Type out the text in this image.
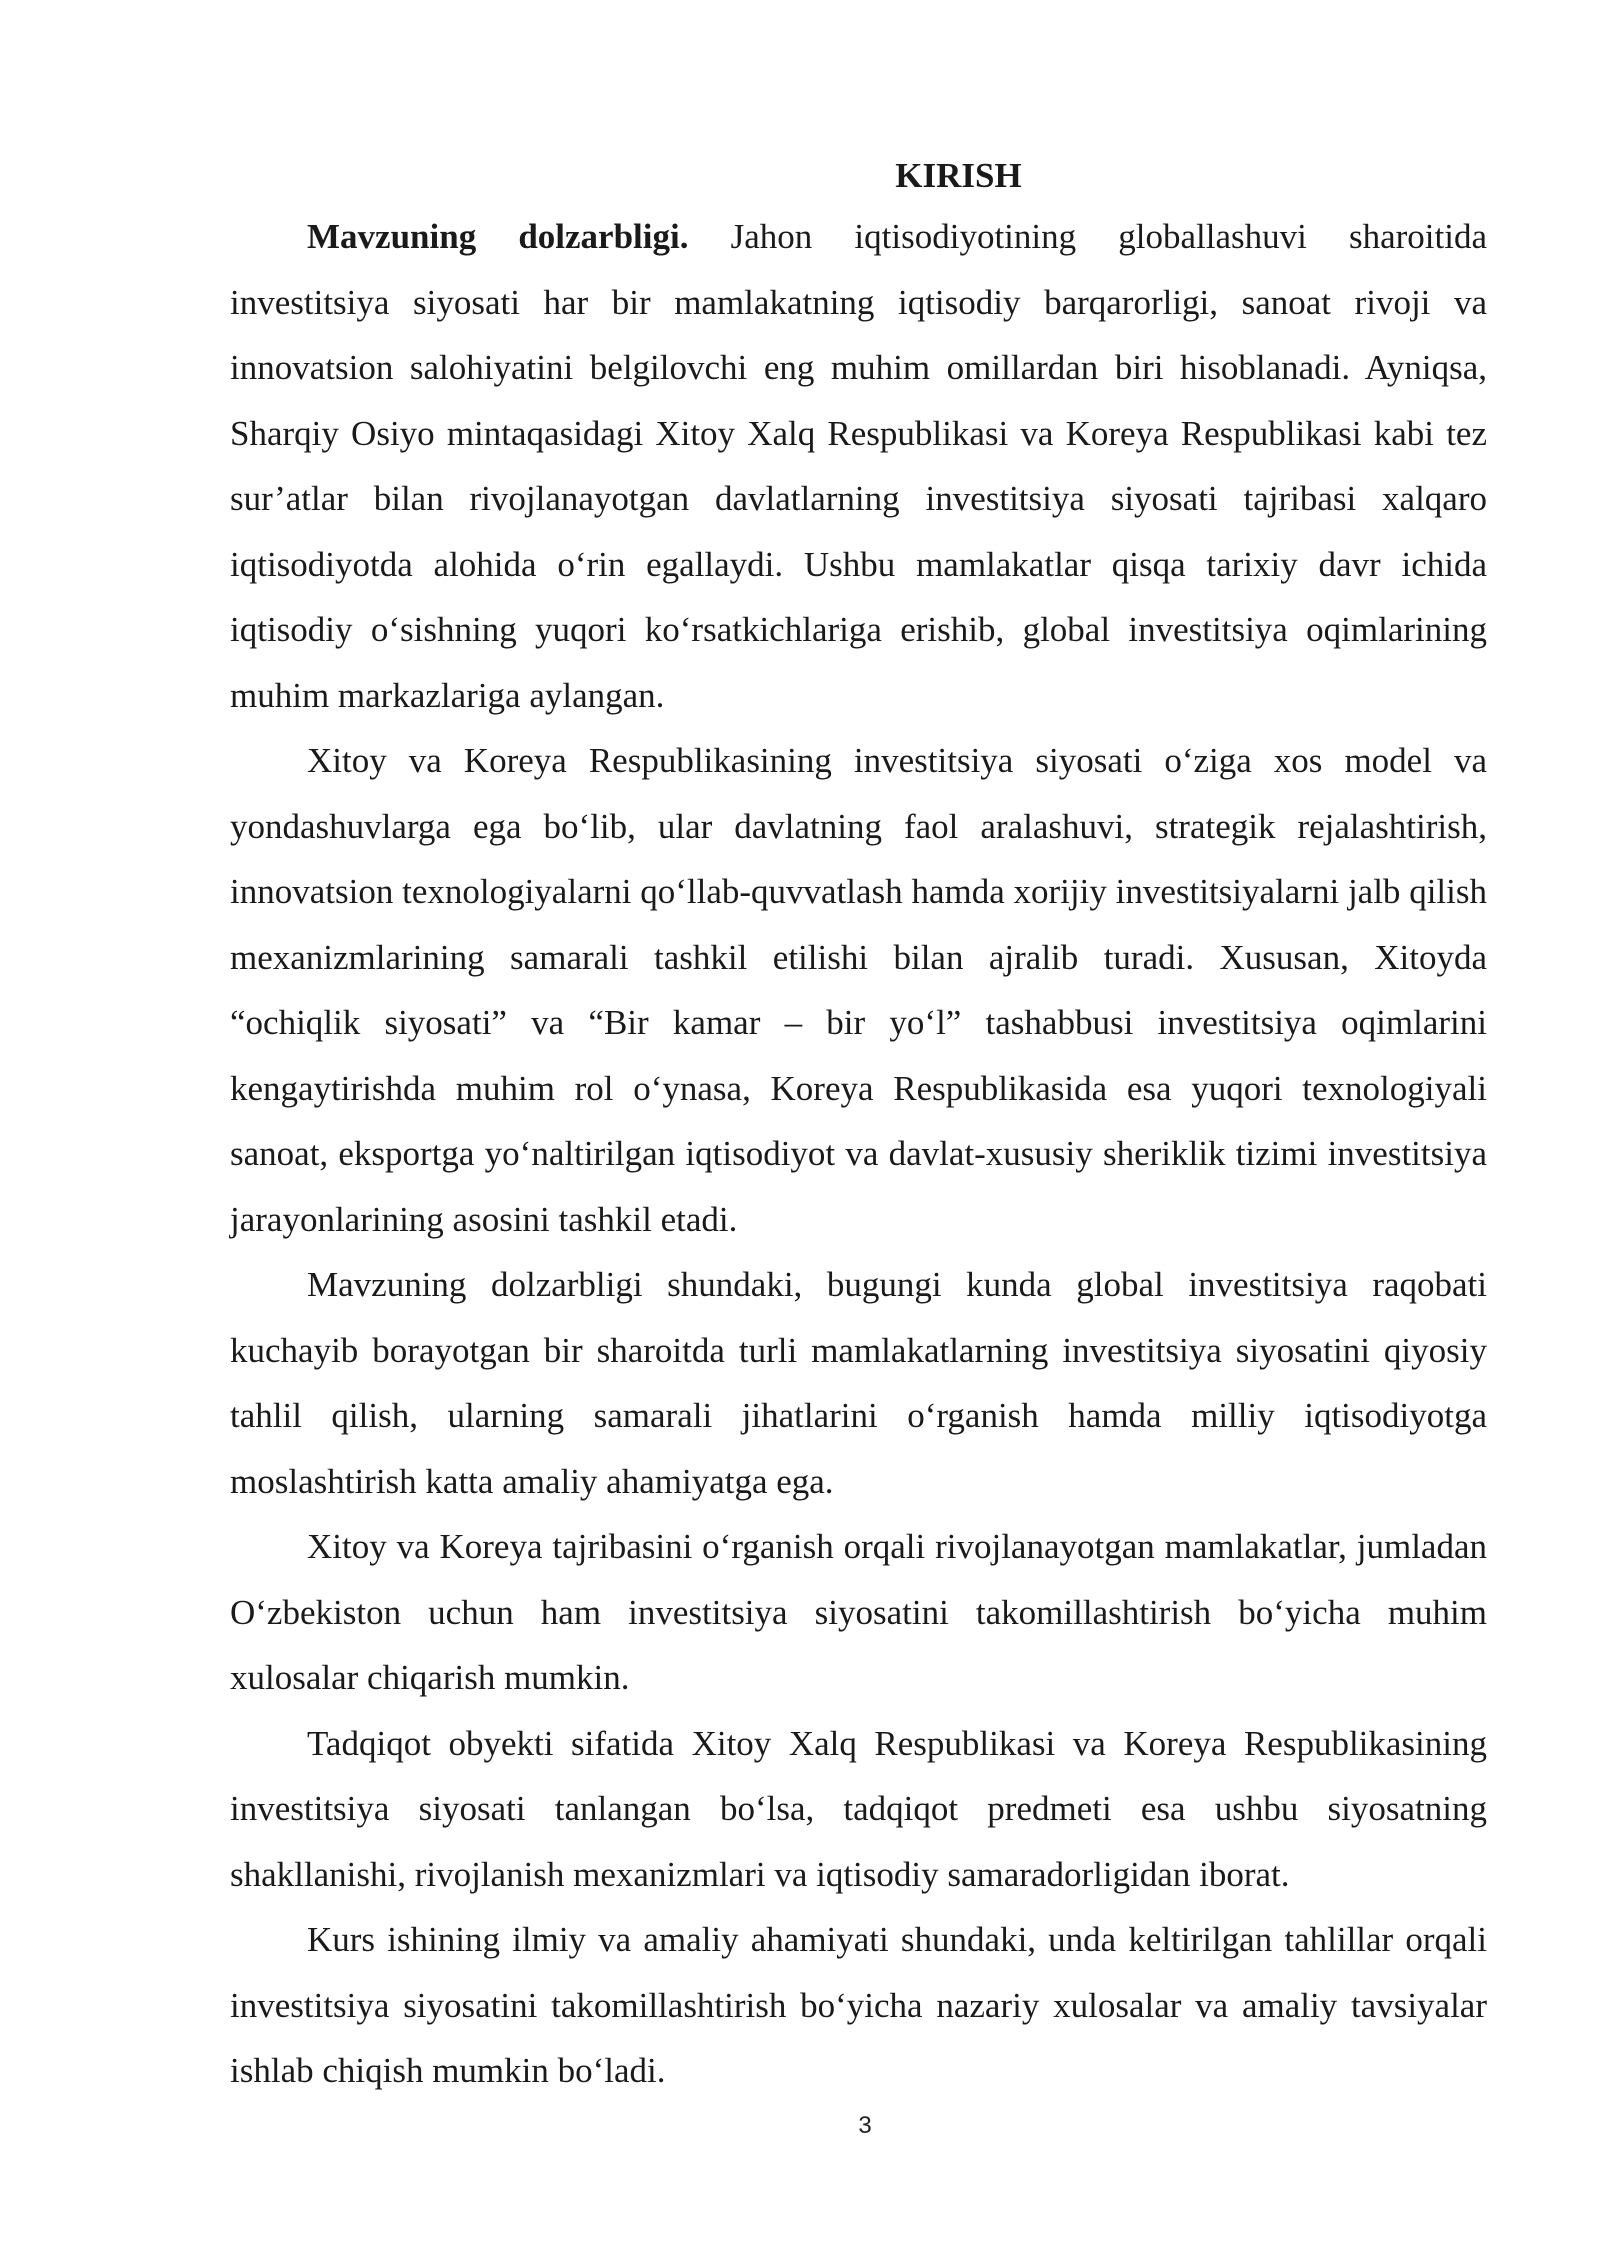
KIRISH

Mavzuning dolzarbligi. Jahon iqtisodiyotining globallashuvi sharoitida investitsiya siyosati har bir mamlakatning iqtisodiy barqarorligi, sanoat rivoji va innovatsion salohiyatini belgilovchi eng muhim omillardan biri hisoblanadi. Ayniqsa, Sharqiy Osiyo mintaqasidagi Xitoy Xalq Respublikasi va Koreya Respublikasi kabi tez sur’atlar bilan rivojlanayotgan davlatlarning investitsiya siyosati tajribasi xalqaro iqtisodiyotda alohida o‘rin egallaydi. Ushbu mamlakatlar qisqa tarixiy davr ichida iqtisodiy o‘sishning yuqori ko‘rsatkichlariga erishib, global investitsiya oqimlarining muhim markazlariga aylangan.

Xitoy va Koreya Respublikasining investitsiya siyosati o‘ziga xos model va yondashuvlarga ega bo‘lib, ular davlatning faol aralashuvi, strategik rejalashtirish, innovatsion texnologiyalarni qo‘llab-quvvatlash hamda xorijiy investitsiyalarni jalb qilish mexanizmlarining samarali tashkil etilishi bilan ajralib turadi. Xususan, Xitoyda “ochiqlik siyosati” va “Bir kamar – bir yo‘l” tashabbusi investitsiya oqimlarini kengaytirishda muhim rol o‘ynasa, Koreya Respublikasida esa yuqori texnologiyali sanoat, eksportga yo‘naltirilgan iqtisodiyot va davlat-xususiy sheriklik tizimi investitsiya jarayonlarining asosini tashkil etadi.

Mavzuning dolzarbligi shundaki, bugungi kunda global investitsiya raqobati kuchayib borayotgan bir sharoitda turli mamlakatlarning investitsiya siyosatini qiyosiy tahlil qilish, ularning samarali jihatlarini o‘rganish hamda milliy iqtisodiyotga moslashtirish katta amaliy ahamiyatga ega.

Xitoy va Koreya tajribasini o‘rganish orqali rivojlanayotgan mamlakatlar, jumladan O‘zbekiston uchun ham investitsiya siyosatini takomillashtirish bo‘yicha muhim xulosalar chiqarish mumkin.

Tadqiqot obyekti sifatida Xitoy Xalq Respublikasi va Koreya Respublikasining investitsiya siyosati tanlangan bo‘lsa, tadqiqot predmeti esa ushbu siyosatning shakllanishi, rivojlanish mexanizmlari va iqtisodiy samaradorligidan iborat.

Kurs ishining ilmiy va amaliy ahamiyati shundaki, unda keltirilgan tahlillar orqali investitsiya siyosatini takomillashtirish bo‘yicha nazariy xulosalar va amaliy tavsiyalar ishlab chiqish mumkin bo‘ladi.

3
